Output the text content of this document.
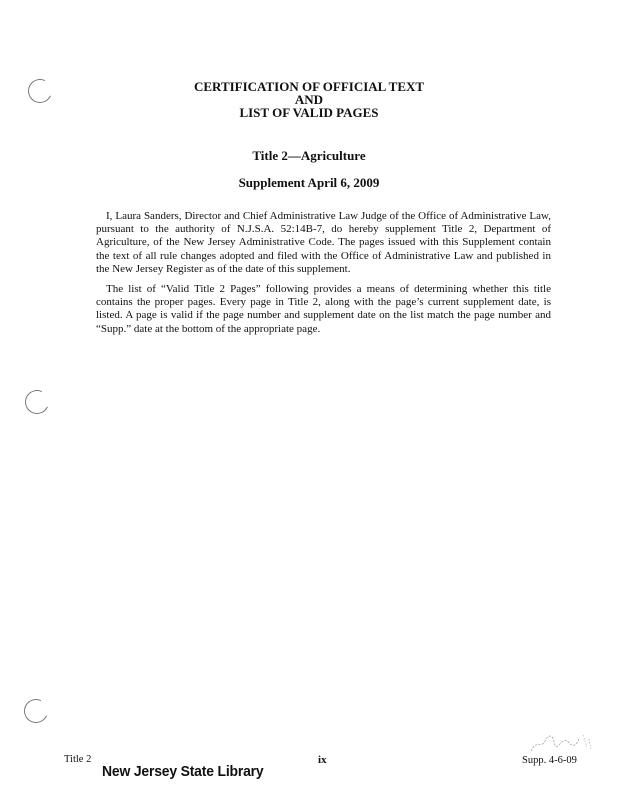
CERTIFICATION OF OFFICIAL TEXT
AND
LIST OF VALID PAGES
Title 2—Agriculture
Supplement April 6, 2009

I, Laura Sanders, Director and Chief Administrative Law Judge of the Office of Administrative Law, pursuant to the authority of N.J.S.A. 52:14B-7, do hereby supplement Title 2, Department of Agriculture, of the New Jersey Administrative Code. The pages issued with this Supplement contain the text of all rule changes adopted and filed with the Office of Administrative Law and published in the New Jersey Register as of the date of this supplement.

The list of “Valid Title 2 Pages” following provides a means of determining whether this title contains the proper pages. Every page in Title 2, along with the page’s current supplement date, is listed. A page is valid if the page number and supplement date on the list match the page number and “Supp.” date at the bottom of the appropriate page.

Title 2	ix	Supp. 4-6-09
New Jersey State Library
